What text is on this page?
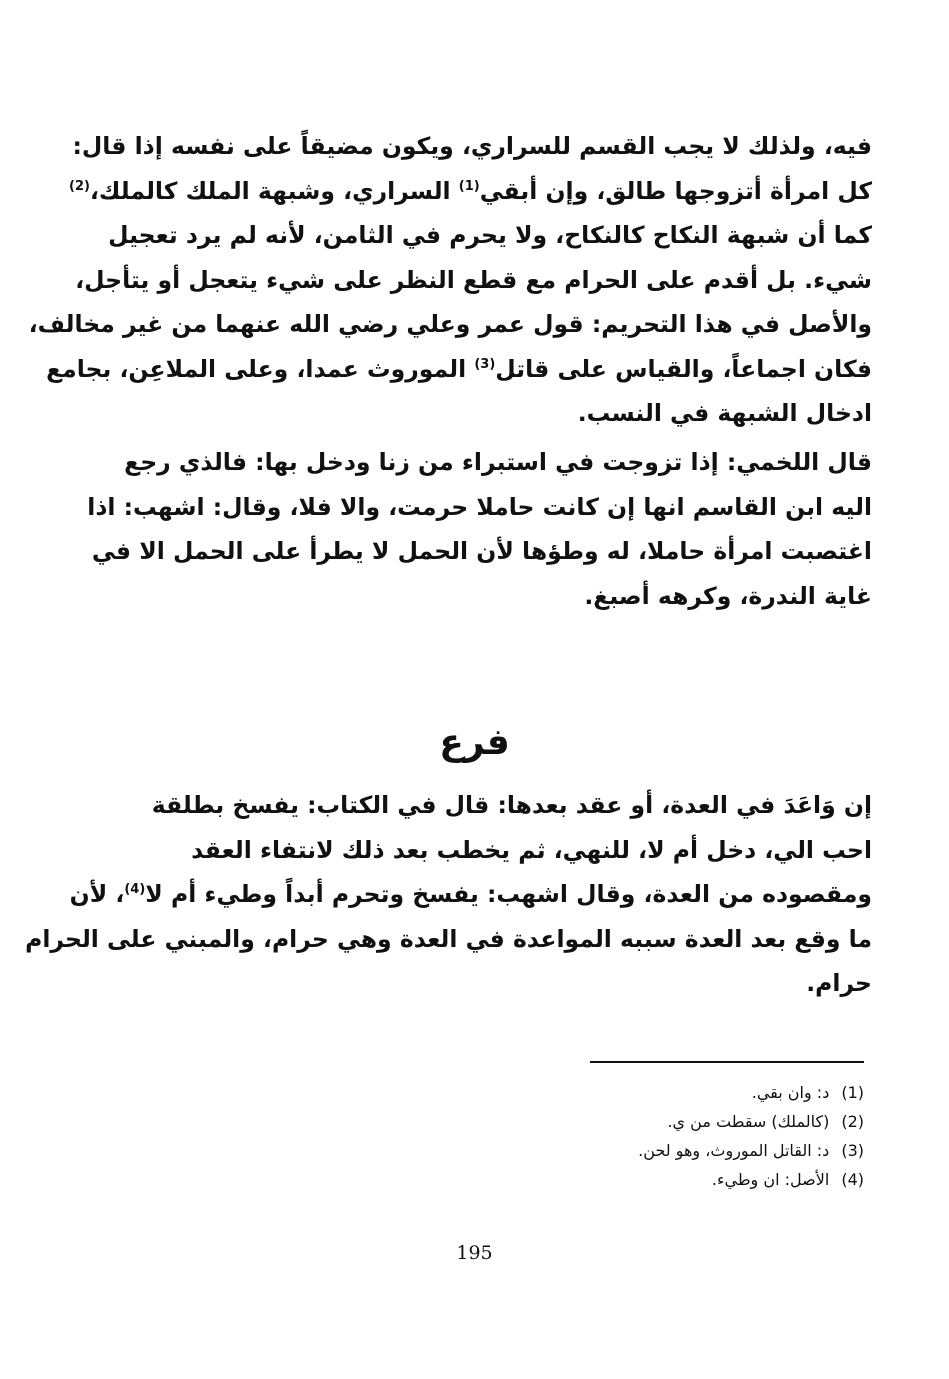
فيه، ولذلك لا يجب القسم للسراري، ويكون مضيقاً على نفسه إذا قال:
كل امرأة أتزوجها طالق، وإن أبقي$^{(1)}$ السراري، وشبهة الملك كالملك،$^{(2)}$
كما أن شبهة النكاح كالنكاح، ولا يحرم في الثامن، لأنه لم يرد تعجيل
شيء. بل أقدم على الحرام مع قطع النظر على شيء يتعجل أو يتأجل،
والأصل في هذا التحريم: قول عمر وعلي رضي الله عنهما من غير مخالف،
فكان اجماعاً، والقياس على قاتل$^{(3)}$ الموروث عمدا، وعلى الملاعِن، بجامع
ادخال الشبهة في النسب.
قال اللخمي: إذا تزوجت في استبراء من زنا ودخل بها: فالذي رجع
اليه ابن القاسم انها إن كانت حاملا حرمت، والا فلا، وقال: اشهب: اذا
اغتصبت امرأة حاملا، له وطؤها لأن الحمل لا يطرأ على الحمل الا في
غاية الندرة، وكرهه أصبغ.
فرع
إن وَاعَدَ في العدة، أو عقد بعدها: قال في الكتاب: يفسخ بطلقة
احب الي، دخل أم لا، للنهي، ثم يخطب بعد ذلك لانتفاء العقد
ومقصوده من العدة، وقال اشهب: يفسخ وتحرم أبداً وطيء أم لا$^{(4)}$، لأن
ما وقع بعد العدة سببه المواعدة في العدة وهي حرام، والمبني على الحرام
حرام.
(1)د: وان بقي.
(2)(كالملك) سقطت من ي.
(3)د: القاتل الموروث، وهو لحن.
(4)الأصل: ان وطيء.
195
